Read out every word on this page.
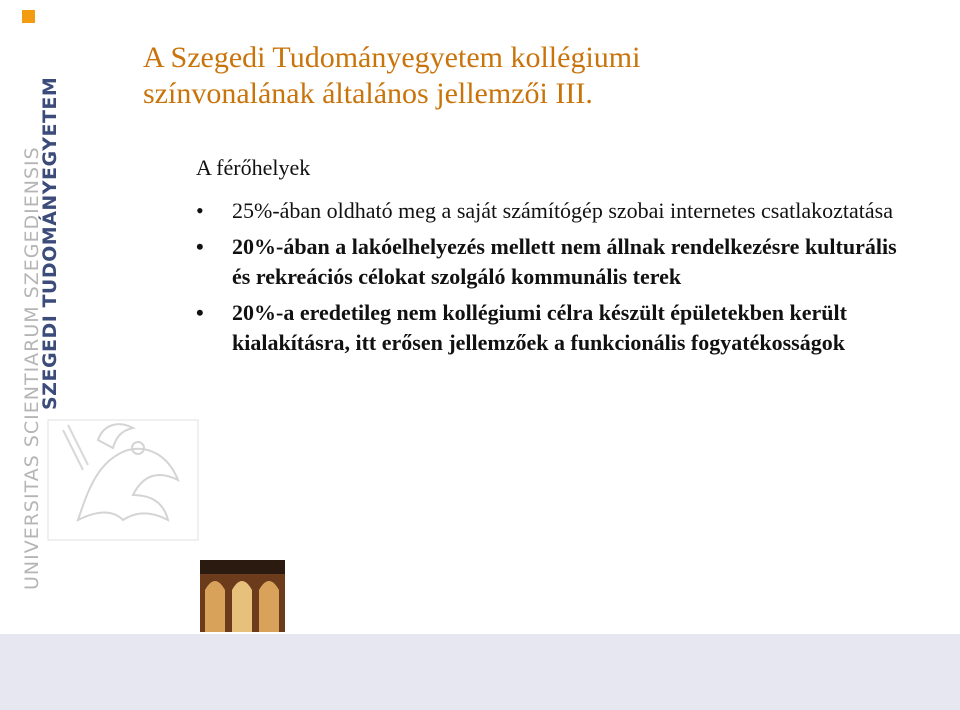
UNIVERSITAS SCIENTIARUM SZEGEDIENSIS
SZEGEDI TUDOMÁNYEGYETEM
A Szegedi Tudományegyetem kollégiumi
színvonalának általános jellemzői III.
A férőhelyek
• 25%-ában oldható meg a saját számítógép szobai internetes csatlakoztatása
• 20%-ában a lakóelhelyezés mellett nem állnak rendelkezésre kulturális és rekreációs célokat szolgáló kommunális terek
• 20%-a eredetileg nem kollégiumi célra készült épületekben került kialakításra, itt erősen jellemzőek a funkcionális fogyatékosságok
